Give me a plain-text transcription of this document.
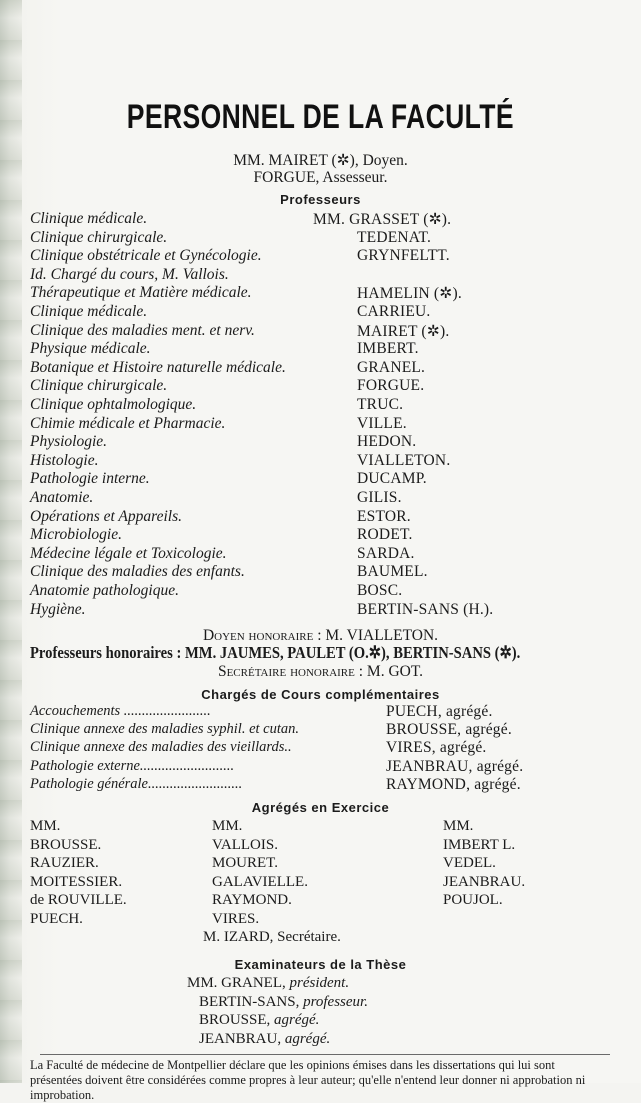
PERSONNEL DE LA FACULTÉ
MM. MAIRET (✲), Doyen.
FORGUE, Assesseur.
Professeurs
Clinique médicale.	MM. GRASSET (✲).
Clinique chirurgicale.	TEDENAT.
Clinique obstétricale et Gynécologie.	GRYNFELTT.
Id. Chargé du cours, M. Vallois.
Thérapeutique et Matière médicale.	HAMELIN (✲).
Clinique médicale.	CARRIEU.
Clinique des maladies ment. et nerv.	MAIRET (✲).
Physique médicale.	IMBERT.
Botanique et Histoire naturelle médicale.	GRANEL.
Clinique chirurgicale.	FORGUE.
Clinique ophtalmologique.	TRUC.
Chimie médicale et Pharmacie.	VILLE.
Physiologie.	HEDON.
Histologie.	VIALLETON.
Pathologie interne.	DUCAMP.
Anatomie.	GILIS.
Opérations et Appareils.	ESTOR.
Microbiologie.	RODET.
Médecine légale et Toxicologie.	SARDA.
Clinique des maladies des enfants.	BAUMEL.
Anatomie pathologique.	BOSC.
Hygiène.	BERTIN-SANS (H.).
Doyen honoraire : M. VIALLETON.
Professeurs honoraires : MM. JAUMES, PAULET (O.✲), BERTIN-SANS (✲).
Secrétaire honoraire : M. GOT.
Chargés de Cours complémentaires
Accouchements ........................	PUECH, agrégé.
Clinique annexe des maladies syphil. et cutan.	BROUSSE, agrégé.
Clinique annexe des maladies des vieillards..	VIRES, agrégé.
Pathologie externe..........................	JEANBRAU, agrégé.
Pathologie générale..........................	RAYMOND, agrégé.
Agrégés en Exercice
MM.
BROUSSE.
RAUZIER.
MOITESSIER.
de ROUVILLE.
PUECH.
MM.
VALLOIS.
MOURET.
GALAVIELLE.
RAYMOND.
VIRES.
MM.
IMBERT L.
VEDEL.
JEANBRAU.
POUJOL.
M. IZARD, Secrétaire.
Examinateurs de la Thèse
MM. GRANEL, président.
BERTIN-SANS, professeur.
BROUSSE, agrégé.
JEANBRAU, agrégé.
La Faculté de médecine de Montpellier déclare que les opinions émises dans les dissertations qui lui sont présentées doivent être considérées comme propres à leur auteur; qu'elle n'entend leur donner ni approbation ni improbation.
